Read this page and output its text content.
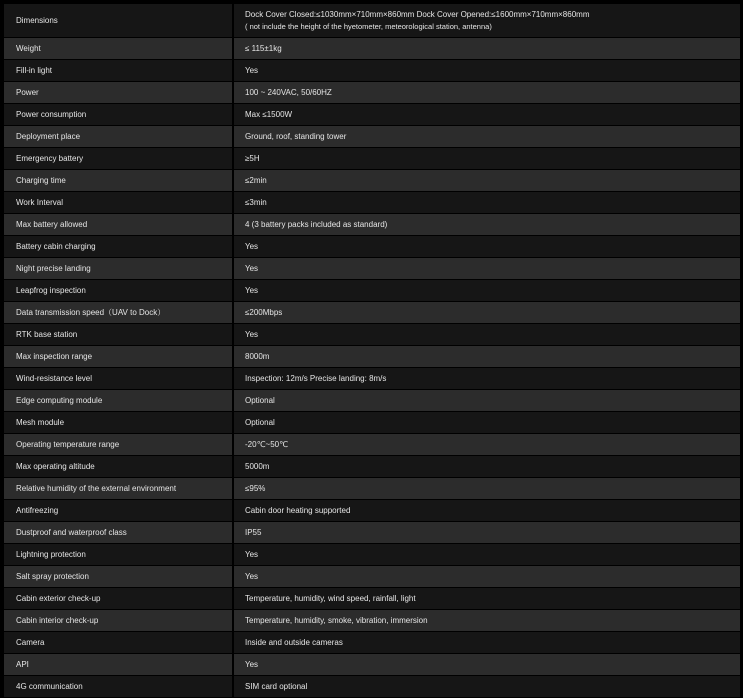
Dimensions	Dock Cover Closed:≤1030mm×710mm×860mm Dock Cover Opened:≤1600mm×710mm×860mm
( not include the height of the hyetometer, meteorological station, antenna)

Weight	≤ 115±1kg
Fill-in light	Yes
Power	100 ~ 240VAC, 50/60HZ
Power consumption	Max ≤1500W
Deployment place	Ground, roof, standing tower
Emergency battery	≥5H
Charging time	≤2min
Work Interval	≤3min
Max battery allowed	4 (3 battery packs included as standard)
Battery cabin charging	Yes
Night precise landing	Yes
Leapfrog inspection	Yes
Data transmission speed（UAV to Dock）	≤200Mbps
RTK base station	Yes
Max inspection range	8000m
Wind-resistance level	Inspection: 12m/s Precise landing: 8m/s
Edge computing module	Optional
Mesh module	Optional
Operating temperature range	-20℃~50℃
Max operating altitude	5000m
Relative humidity of the external environment	≤95%
Antifreezing	Cabin door heating supported
Dustproof and waterproof class	IP55
Lightning protection	Yes
Salt spray protection	Yes
Cabin exterior check-up	Temperature, humidity, wind speed, rainfall, light
Cabin interior check-up	Temperature, humidity, smoke, vibration, immersion
Camera	Inside and outside cameras
API	Yes
4G communication	SIM card optional
